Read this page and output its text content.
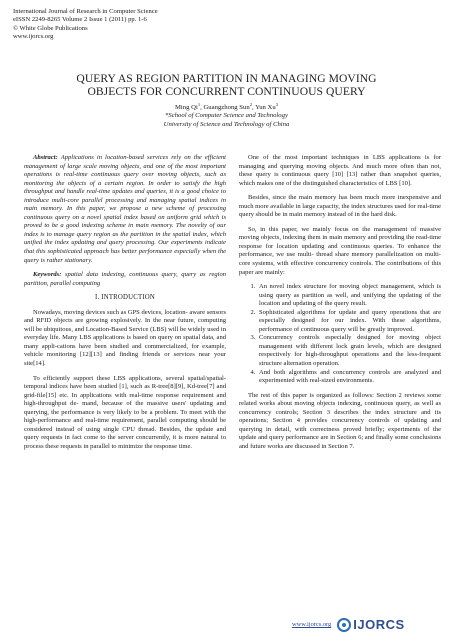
International Journal of Research in Computer Science
eISSN 2249-8265 Volume 2 Issue 1 (2011) pp. 1-6
© White Globe Publications
www.ijorcs.org
QUERY AS REGION PARTITION IN MANAGING MOVING
OBJECTS FOR CONCURRENT CONTINUOUS QUERY
Ming Qi$^1$, Guangzhong Sun$^2$, Yun Xu$^3$
*School of Computer Science and Technology
University of Science and Technology of China

Abstract: Applications in location-based services rely on the efficient management of large scale moving objects, and one of the most important operations is real-time continuous query over moving objects, such as monitoring the objects of a certain region. In order to satisfy the high throughput and handle real-time updates and queries, it is a good choice to introduce multi-core parallel processing and managing spatial indices in main memory. In this paper, we propose a new scheme of processing continuous query on a novel spatial index based on uniform grid which is proved to be a good indexing scheme in main memory. The novelty of our index is to manage query region as the partition in the spatial index, which unified the index updating and query processing. Our experiments indicate that this sophisticated approach has better performance especially when the query is rather stationary.

Keywords: spatial data indexing, continuous query, query as region partition, parallel computing

I. INTRODUCTION

Nowadays, moving devices such as GPS devices, location- aware sensors and RFID objects are growing explosively. In the near future, computing will be ubiquitous, and Location-Based Service (LBS) will be widely used in everyday life. Many LBS applications is based on query on spatial data, and many appli-cations have been studied and commercialized, for example, vehicle monitoring [12][13] and finding friends or services near your site[14].

To efficiently support these LBS applications, several spatial/spatial-temporal indices have been studied [1], such as R-tree[8][9], Kd-tree[7] and grid-file[15] etc. In applications with real-time response requirement and high-throughput de- mand, because of the massive users' updating and querying, the performance is very likely to be a problem. To meet with the high-performance and real-time requirement, parallel computing should be considered instead of using single CPU thread. Besides, the update and query requests in fact come to the server concurrently, it is more natural to process these requests in parallel to minimize the response time.

One of the most important techniques in LBS applications is for managing and querying moving objects. And much more often than not, these query is continuous query [10] [13] rather than snapshot queries, which makes one of the distinguished characteristics of LBS [10].

Besides, since the main memory has been much more inexpensive and much more available in large capacity, the index structures used for real-time query should be in main memory instead of in the hard disk.

So, in this paper, we mainly focus on the management of massive moving objects, indexing them in main memory and providing the read-time response for location updating and continuous queries. To enhance the performance, we use multi- thread share memory parallelization on multi-core systems, with effective concurrency controls. The contributions of this paper are mainly:

1. An novel index structure for moving object management, which is using query as partition as well, and unifying the updating of the location and updating of the query result.
2. Sophisticated algorithms for update and query operations that are especially designed for our index. With these algorithms, performance of continuous query will be greatly improved.
3. Concurrency controls especially designed for moving object management with different lock grain levels, which are designed respectively for high-throughput operations and the less-frequent structure alternation operation.
4. And both algorithms and concurrency controls are analyzed and experimented with real-sized environments.

The rest of this paper is organized as follows: Section 2 reviews some related works about moving objects indexing, continuous query, as well as concurrency controls; Section 3 describes the index structure and its operations; Section 4 provides concurrency controls of updating and querying in detail, with correctness proved briefly; experiments of the update and query performance are in Section 6; and finally some conclusions and future works are discussed in Section 7.

www.ijorcs.org IJORCS
